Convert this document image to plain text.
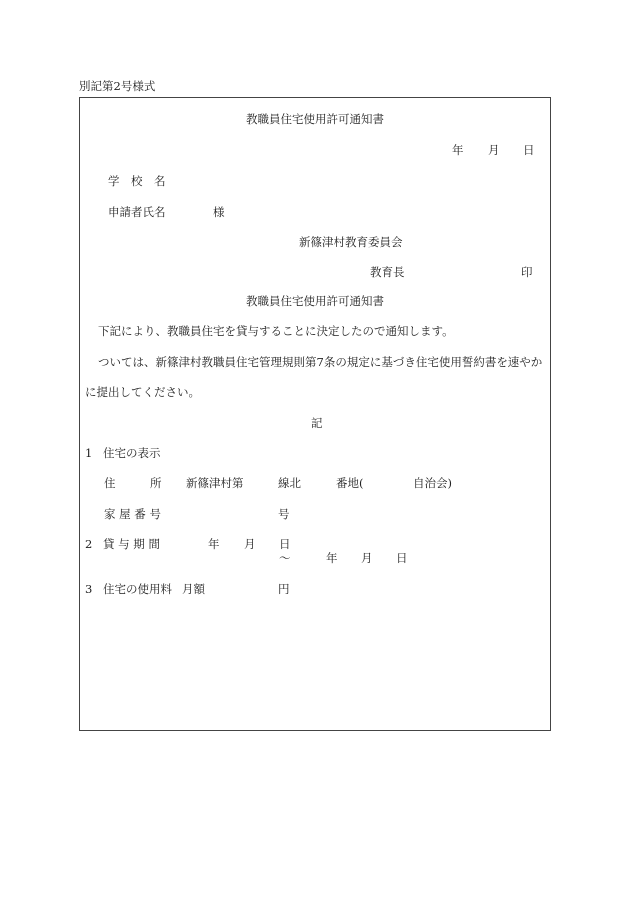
別記第2号様式
教職員住宅使用許可通知書
年 月 日
学　校　名
申請者氏名	様
新篠津村教育委員会
教育長	印
教職員住宅使用許可通知書
下記により、教職員住宅を貸与することに決定したので通知します。
ついては、新篠津村教職員住宅管理規則第7条の規定に基づき住宅使用誓約書を速やか
に提出してください。
記
1 住宅の表示
住	所 新篠津村第	線北	番地(	自治会)
家 屋 番 号	号
2 貸 与 期 間	年 月 日
～	年 月 日
3 住宅の使用料 月額	円
